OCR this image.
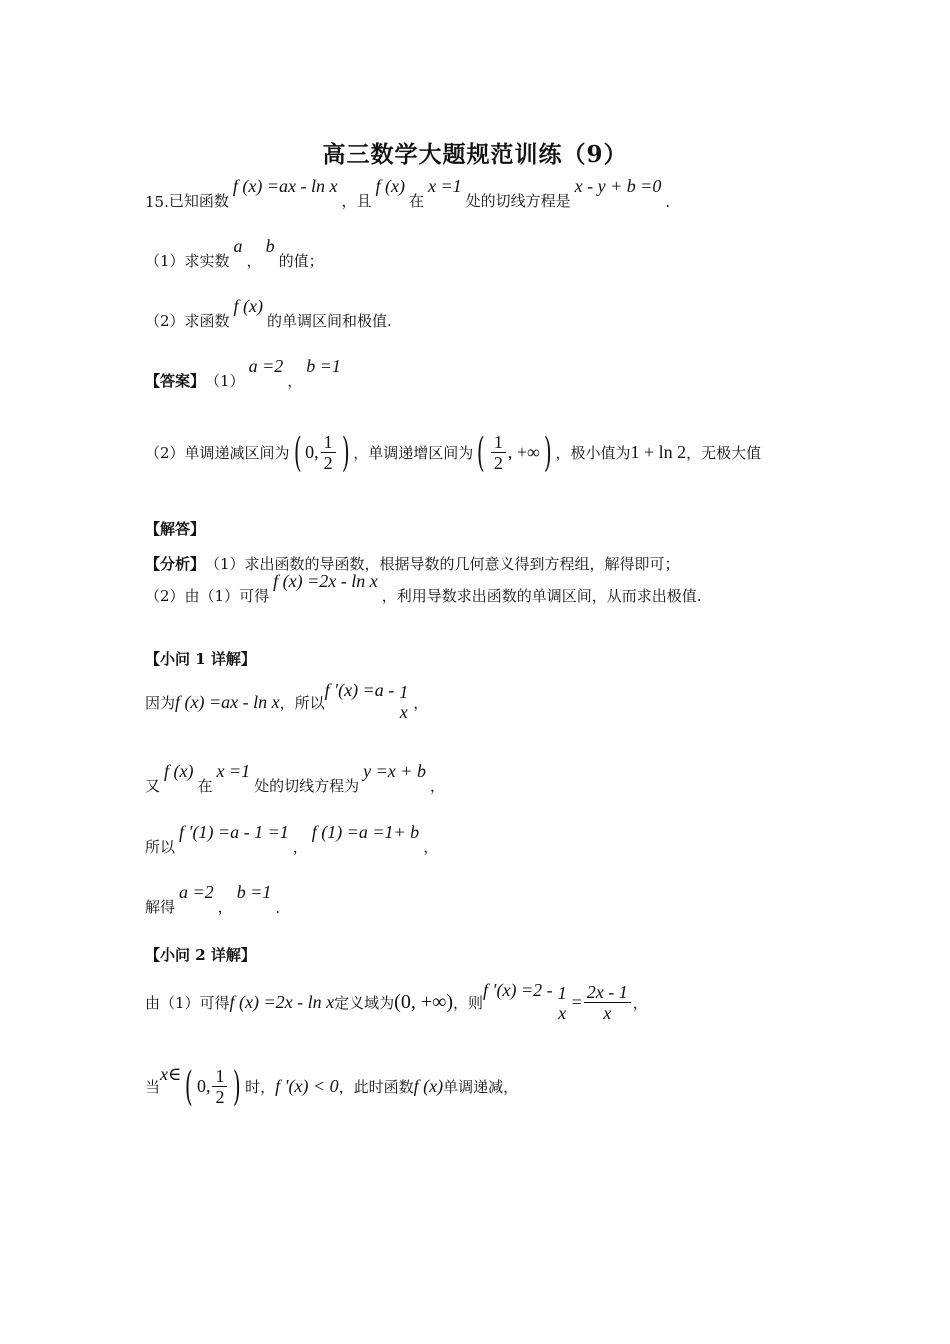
高三数学大题规范训练（9）
15. 已知函数
f (x) =ax - ln x
，且
f (x)
在
x =1
处的切线方程是
x - y + b =0
.
（1）求实数
a
，
b
的值；
（2）求函数
f (x)
的单调区间和极值.
【答案】 （1）
a =2
，
b =1
（2）单调递减区间为 ( 0, $\frac{1}{2}$ ) ，单调递增区间为 ( $\frac{1}{2}$ , +∞ ) ，极小值为 1 + ln 2 ，无极大值
【解答】
【分析】 （1）求出函数的导函数，根据导数的几何意义得到方程组，解得即可；
（2）由（1）可得
f (x) =2x - ln x
，利用导数求出函数的单调区间，从而求出极值.
【小问 1 详解】
因为 f (x) =ax - ln x ，所以
f ′(x) =a - 1
x ，
又
f (x)
在
x =1
处的切线方程为
y =x + b
，
所以
f ′(1) =a - 1 =1
，
f (1) =a =1+ b
，
解得
a =2
，
b =1
.
【小问 2 详解】
由（1）可得 f (x) =2x - ln x 定义域为 (0, +∞) ，则
f ′(x) =2 - 1
x
= $\frac{2x - 1}{x}$ ，
当
x∈ ( 0, $\frac{1}{2}$ ) 时， f ′(x) < 0 ，此时函数 f (x) 单调递减，
